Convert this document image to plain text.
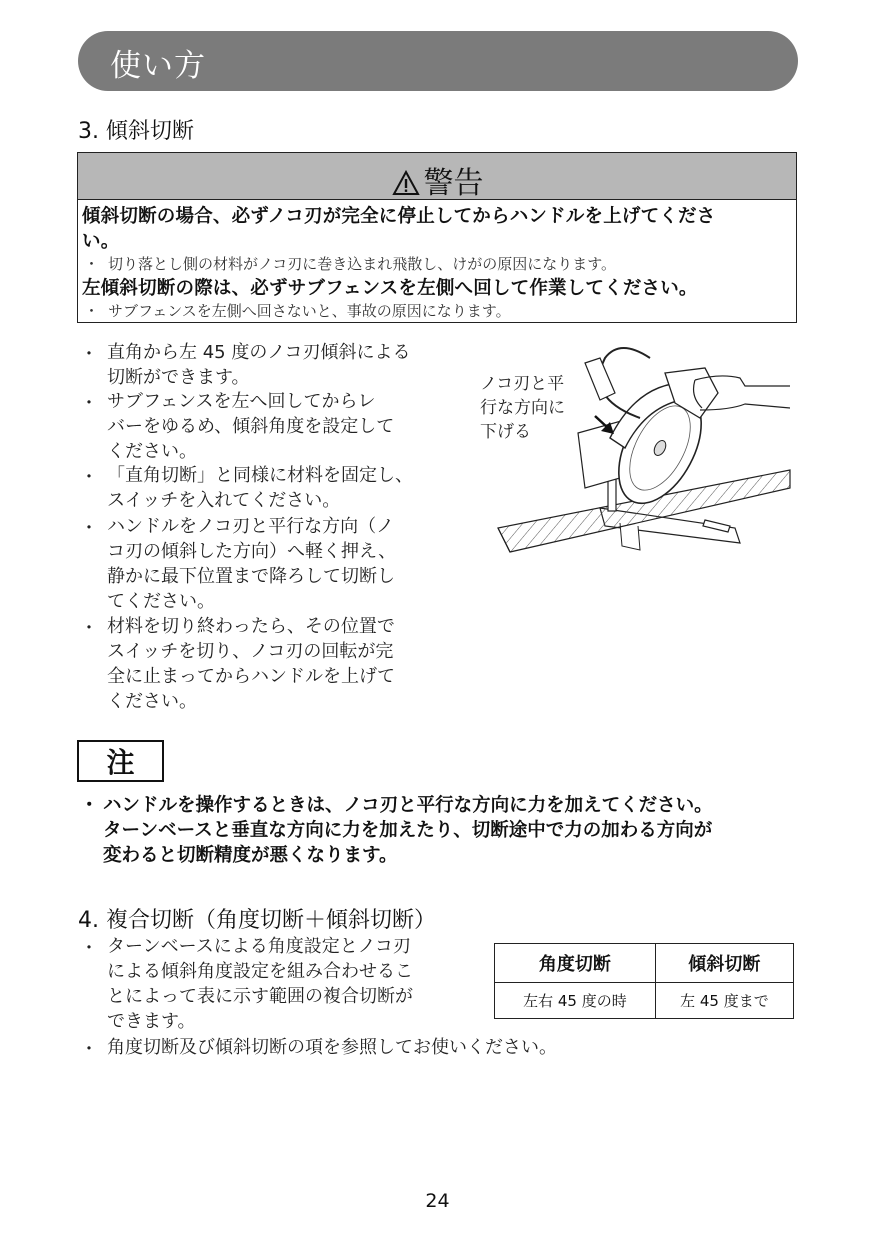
使い方
3. 傾斜切断
警告
傾斜切断の場合、必ずノコ刃が完全に停止してからハンドルを上げてくださ
い。
・ 切り落とし側の材料がノコ刃に巻き込まれ飛散し、けがの原因になります。
左傾斜切断の際は、必ずサブフェンスを左側へ回して作業してください。
・ サブフェンスを左側へ回さないと、事故の原因になります。
・ 直角から左 45 度のノコ刃傾斜による
切断ができます。
・ サブフェンスを左へ回してからレ
バーをゆるめ、傾斜角度を設定して
ください。
・ 「直角切断」と同様に材料を固定し、
スイッチを入れてください。
・ ハンドルをノコ刃と平行な方向（ノ
コ刃の傾斜した方向）へ軽く押え、
静かに最下位置まで降ろして切断し
てください。
・ 材料を切り終わったら、その位置で
スイッチを切り、ノコ刃の回転が完
全に止まってからハンドルを上げて
ください。
ノコ刃と平
行な方向に
下げる
注
・ ハンドルを操作するときは、ノコ刃と平行な方向に力を加えてください。
ターンベースと垂直な方向に力を加えたり、切断途中で力の加わる方向が
変わると切断精度が悪くなります。
4. 複合切断（角度切断＋傾斜切断）
・ ターンベースによる角度設定とノコ刃
による傾斜角度設定を組み合わせるこ
とによって表に示す範囲の複合切断が
できます。
・ 角度切断及び傾斜切断の項を参照してお使いください。
角度切断	傾斜切断
左右 45 度の時	左 45 度まで
24
